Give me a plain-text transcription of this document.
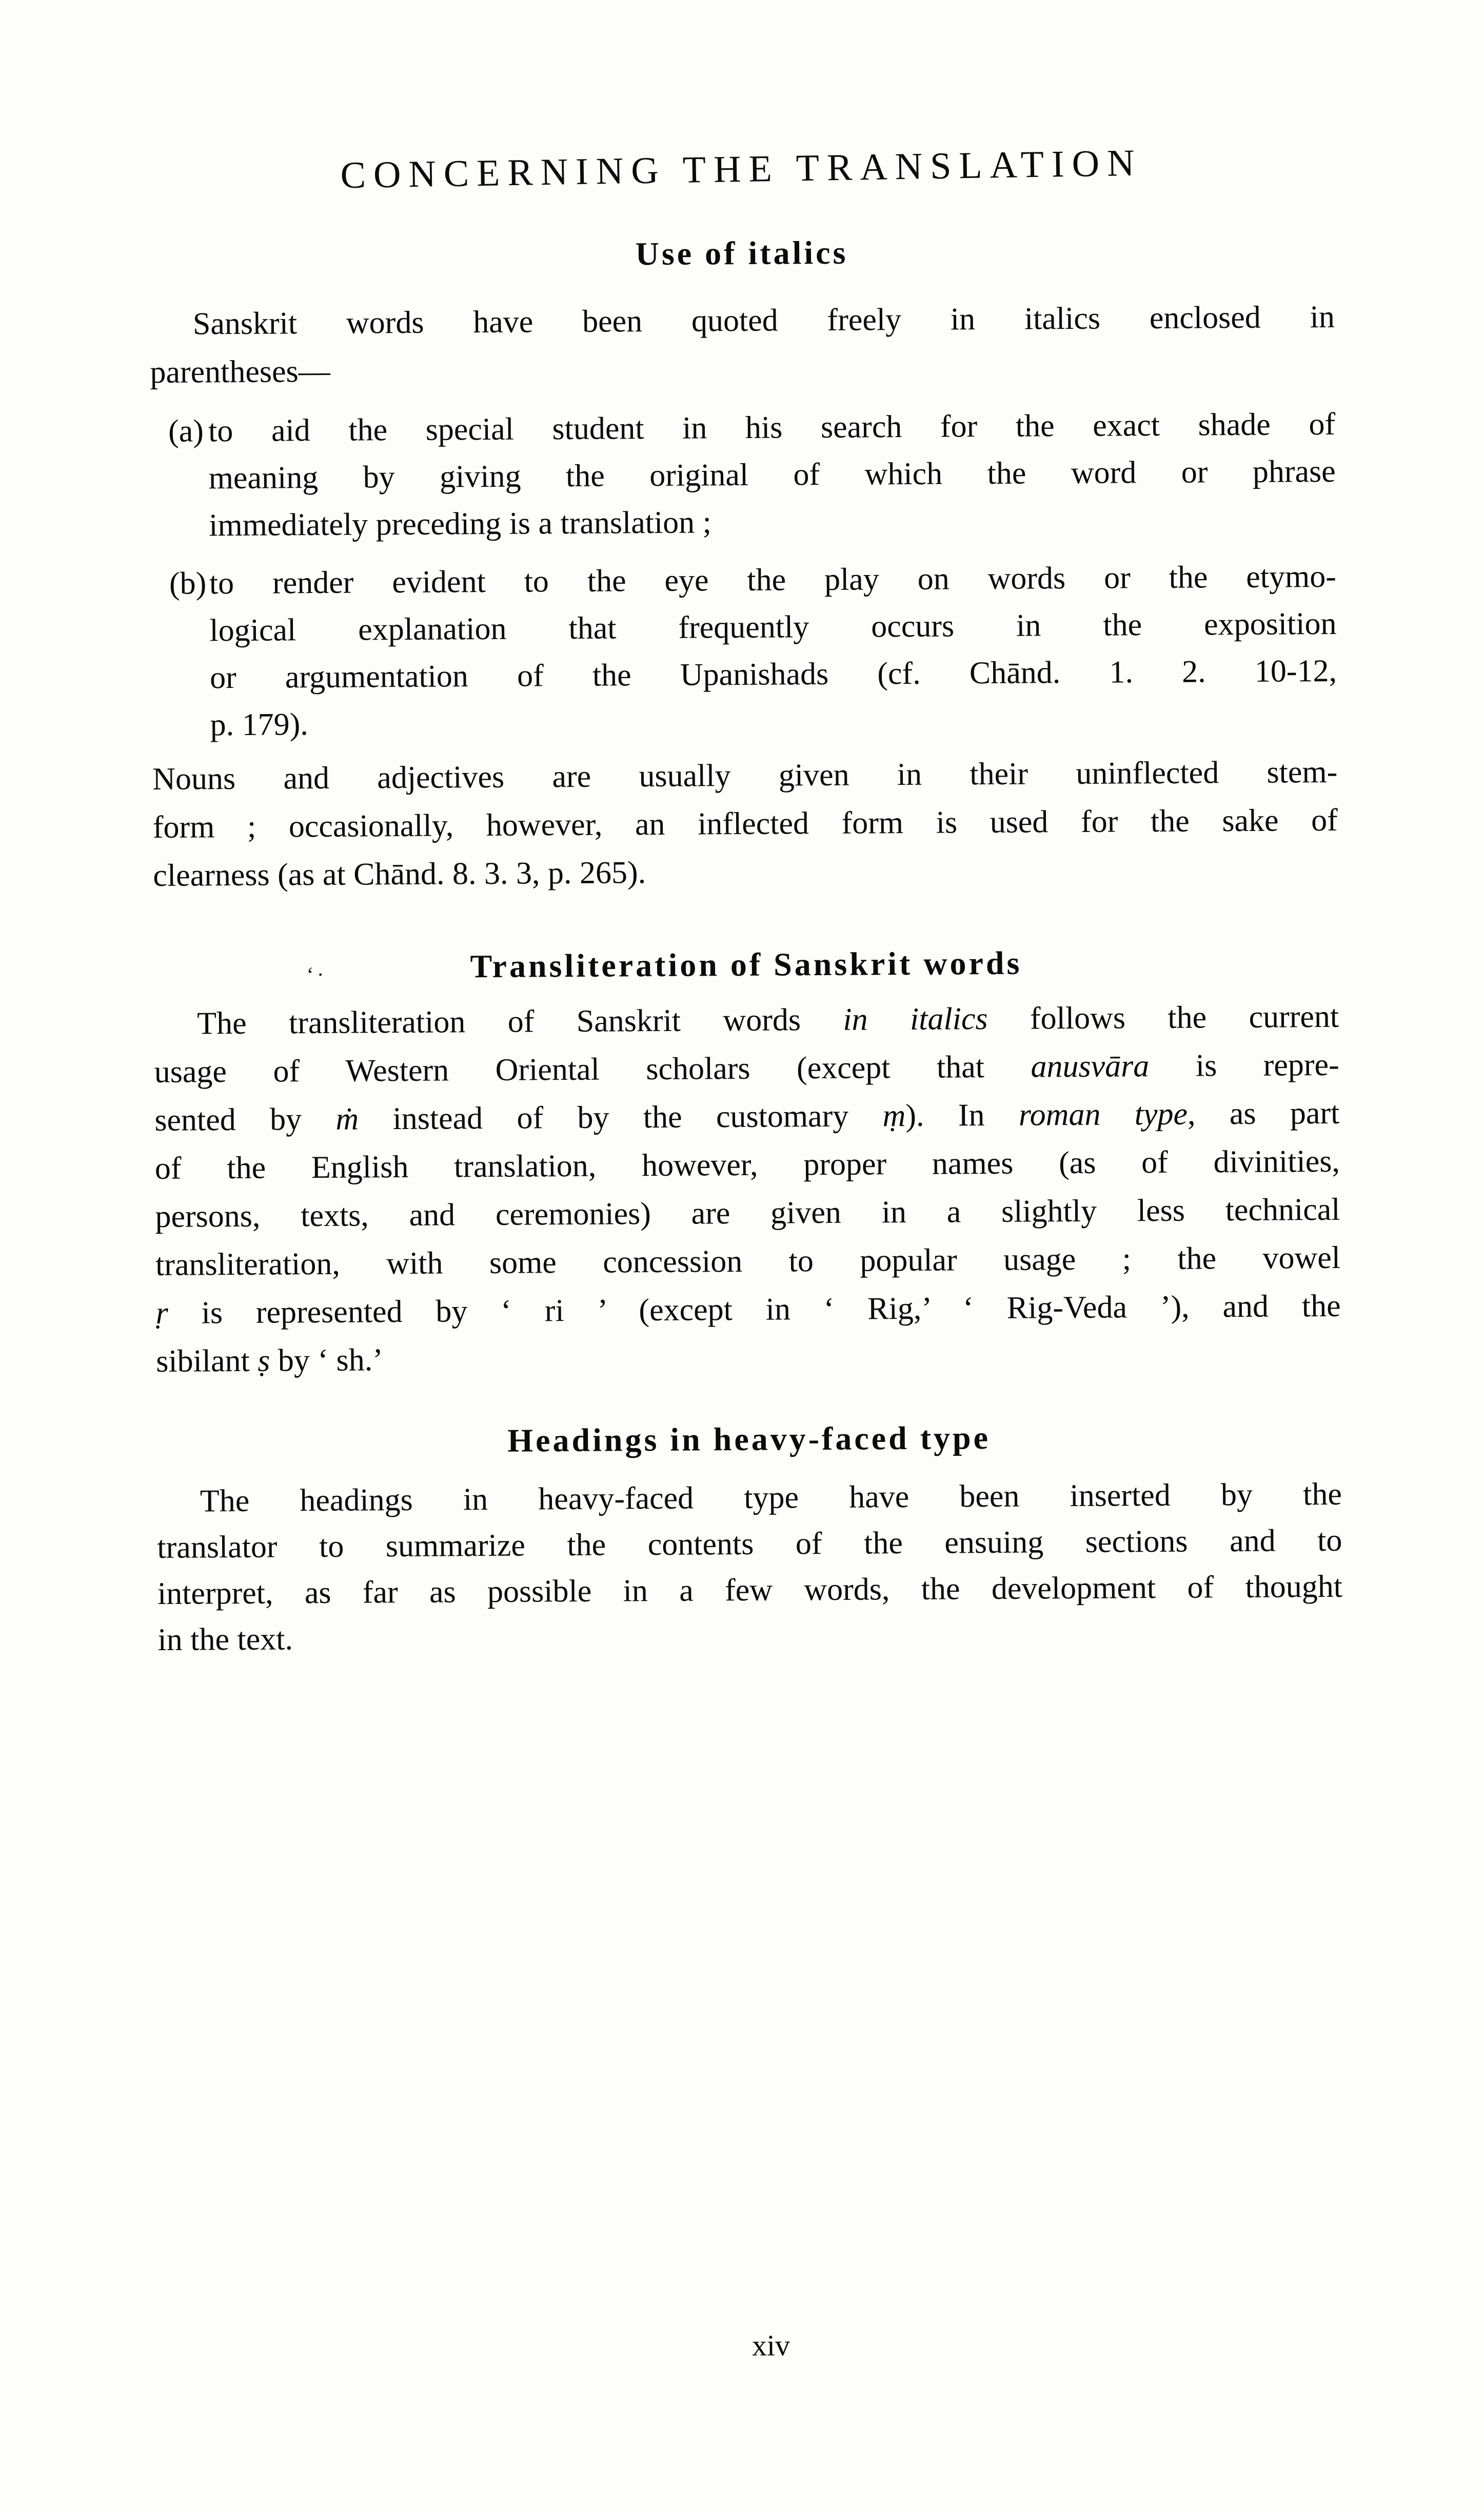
CONCERNING THE TRANSLATION
Use of italics
Sanskrit words have been quoted freely in italics enclosed in
parentheses—
(a) to aid the special student in his search for the exact shade of
meaning by giving the original of which the word or phrase
immediately preceding is a translation ;
(b) to render evident to the eye the play on words or the etymo-
logical explanation that frequently occurs in the exposition
or argumentation of the Upanishads (cf. Chānd. 1. 2. 10-12,
p. 179).
Nouns and adjectives are usually given in their uninflected stem-
form ; occasionally, however, an inflected form is used for the sake of
clearness (as at Chānd. 8. 3. 3, p. 265).
‘·	Transliteration of Sanskrit words
The transliteration of Sanskrit words in italics follows the current
usage of Western Oriental scholars (except that anusvāra is repre-
sented by ṁ instead of by the customary ṃ). In roman type, as part
of the English translation, however, proper names (as of divinities,
persons, texts, and ceremonies) are given in a slightly less technical
transliteration, with some concession to popular usage ; the vowel
ṛ is represented by ‘ ri ’ (except in ‘ Rig,’ ‘ Rig-Veda ’), and the
sibilant ṣ by ‘ sh.’
Headings in heavy-faced type
The headings in heavy-faced type have been inserted by the
translator to summarize the contents of the ensuing sections and to
interpret, as far as possible in a few words, the development of thought
in the text.
xiv
